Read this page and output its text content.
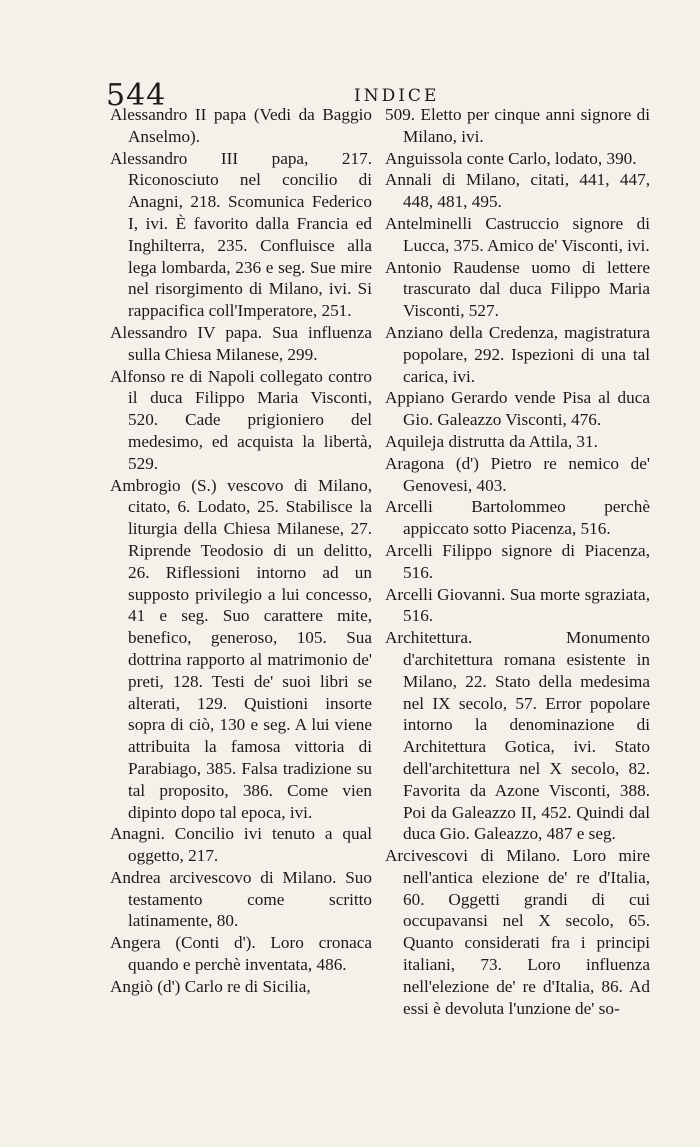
544	INDICE

Alessandro II papa (Vedi da Baggio Anselmo).

Alessandro III papa, 217. Riconosciuto nel concilio di Anagni, 218. Scomunica Federico I, ivi. È favorito dalla Francia ed Inghilterra, 235. Confluisce alla lega lombarda, 236 e seg. Sue mire nel risorgimento di Milano, ivi. Si rappacifica coll'Imperatore, 251.

Alessandro IV papa. Sua influenza sulla Chiesa Milanese, 299.

Alfonso re di Napoli collegato contro il duca Filippo Maria Visconti, 520. Cade prigioniero del medesimo, ed acquista la libertà, 529.

Ambrogio (S.) vescovo di Milano, citato, 6. Lodato, 25. Stabilisce la liturgia della Chiesa Milanese, 27. Riprende Teodosio di un delitto, 26. Riflessioni intorno ad un supposto privilegio a lui concesso, 41 e seg. Suo carattere mite, benefico, generoso, 105. Sua dottrina rapporto al matrimonio de' preti, 128. Testi de' suoi libri se alterati, 129. Quistioni insorte sopra di ciò, 130 e seg. A lui viene attribuita la famosa vittoria di Parabiago, 385. Falsa tradizione su tal proposito, 386. Come vien dipinto dopo tal epoca, ivi.

Anagni. Concilio ivi tenuto a qual oggetto, 217.

Andrea arcivescovo di Milano. Suo testamento come scritto latinamente, 80.

Angera (Conti d'). Loro cronaca quando e perchè inventata, 486.

Angiò (d') Carlo re di Sicilia,

509. Eletto per cinque anni signore di Milano, ivi.

Anguissola conte Carlo, lodato, 390.

Annali di Milano, citati, 441, 447, 448, 481, 495.

Antelminelli Castruccio signore di Lucca, 375. Amico de' Visconti, ivi.

Antonio Raudense uomo di lettere trascurato dal duca Filippo Maria Visconti, 527.

Anziano della Credenza, magistratura popolare, 292. Ispezioni di una tal carica, ivi.

Appiano Gerardo vende Pisa al duca Gio. Galeazzo Visconti, 476.

Aquileja distrutta da Attila, 31.

Aragona (d') Pietro re nemico de' Genovesi, 403.

Arcelli Bartolommeo perchè appiccato sotto Piacenza, 516.

Arcelli Filippo signore di Piacenza, 516.

Arcelli Giovanni. Sua morte sgraziata, 516.

Architettura. Monumento d'architettura romana esistente in Milano, 22. Stato della medesima nel IX secolo, 57. Error popolare intorno la denominazione di Architettura Gotica, ivi. Stato dell'architettura nel X secolo, 82. Favorita da Azone Visconti, 388. Poi da Galeazzo II, 452. Quindi dal duca Gio. Galeazzo, 487 e seg.

Arcivescovi di Milano. Loro mire nell'antica elezione de' re d'Italia, 60. Oggetti grandi di cui occupavansi nel X secolo, 65. Quanto considerati fra i principi italiani, 73. Loro influenza nell'elezione de' re d'Italia, 86. Ad essi è devoluta l'unzione de' so-
